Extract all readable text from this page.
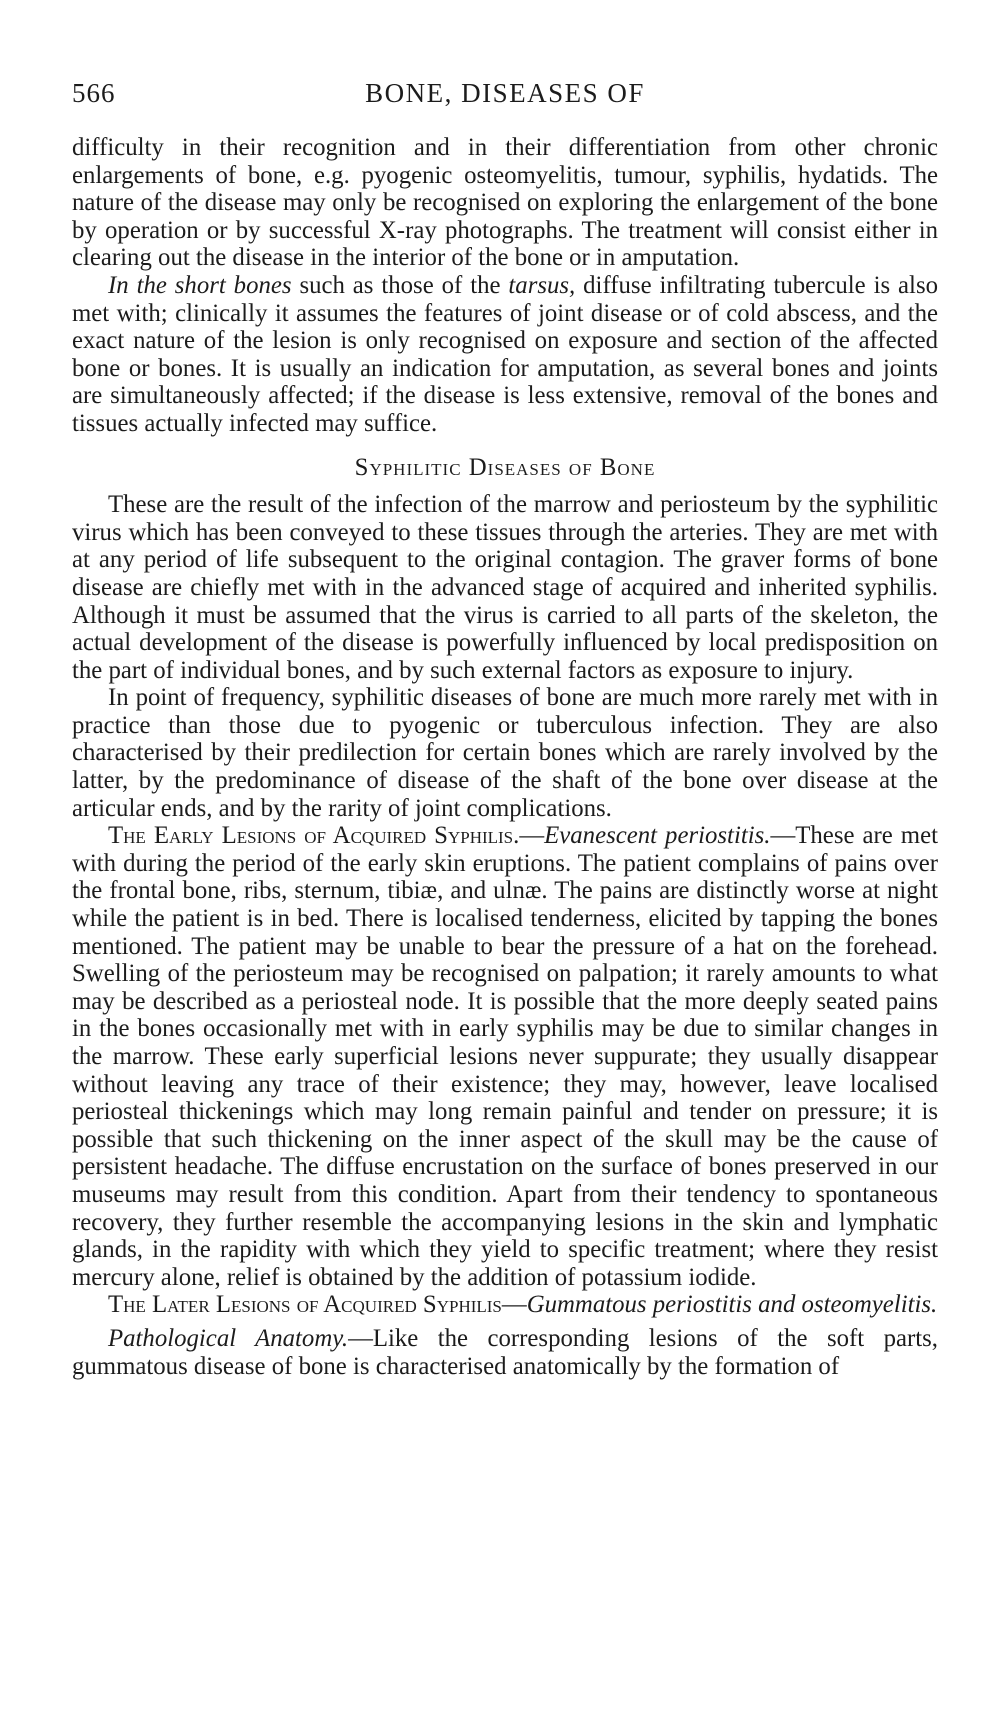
566	BONE, DISEASES OF

difficulty in their recognition and in their differentiation from other chronic enlargements of bone, e.g. pyogenic osteomyelitis, tumour, syphilis, hydatids. The nature of the disease may only be recognised on exploring the enlargement of the bone by operation or by successful X-ray photographs. The treatment will consist either in clearing out the disease in the interior of the bone or in amputation.

In the short bones such as those of the tarsus, diffuse infiltrating tubercule is also met with; clinically it assumes the features of joint disease or of cold abscess, and the exact nature of the lesion is only recognised on exposure and section of the affected bone or bones. It is usually an indication for amputation, as several bones and joints are simultaneously affected; if the disease is less extensive, removal of the bones and tissues actually infected may suffice.

Syphilitic Diseases of Bone

These are the result of the infection of the marrow and periosteum by the syphilitic virus which has been conveyed to these tissues through the arteries. They are met with at any period of life subsequent to the original contagion. The graver forms of bone disease are chiefly met with in the advanced stage of acquired and inherited syphilis. Although it must be assumed that the virus is carried to all parts of the skeleton, the actual development of the disease is powerfully influenced by local predisposition on the part of individual bones, and by such external factors as exposure to injury.

In point of frequency, syphilitic diseases of bone are much more rarely met with in practice than those due to pyogenic or tuberculous infection. They are also characterised by their predilection for certain bones which are rarely involved by the latter, by the predominance of disease of the shaft of the bone over disease at the articular ends, and by the rarity of joint complications.

The Early Lesions of Acquired Syphilis.—Evanescent periostitis.—These are met with during the period of the early skin eruptions. The patient complains of pains over the frontal bone, ribs, sternum, tibiæ, and ulnæ. The pains are distinctly worse at night while the patient is in bed. There is localised tenderness, elicited by tapping the bones mentioned. The patient may be unable to bear the pressure of a hat on the forehead. Swelling of the periosteum may be recognised on palpation; it rarely amounts to what may be described as a periosteal node. It is possible that the more deeply seated pains in the bones occasionally met with in early syphilis may be due to similar changes in the marrow. These early superficial lesions never suppurate; they usually disappear without leaving any trace of their existence; they may, however, leave localised periosteal thickenings which may long remain painful and tender on pressure; it is possible that such thickening on the inner aspect of the skull may be the cause of persistent headache. The diffuse encrustation on the surface of bones preserved in our museums may result from this condition. Apart from their tendency to spontaneous recovery, they further resemble the accompanying lesions in the skin and lymphatic glands, in the rapidity with which they yield to specific treatment; where they resist mercury alone, relief is obtained by the addition of potassium iodide.

The Later Lesions of Acquired Syphilis—Gummatous periostitis and osteomyelitis.

Pathological Anatomy.—Like the corresponding lesions of the soft parts, gummatous disease of bone is characterised anatomically by the formation of
